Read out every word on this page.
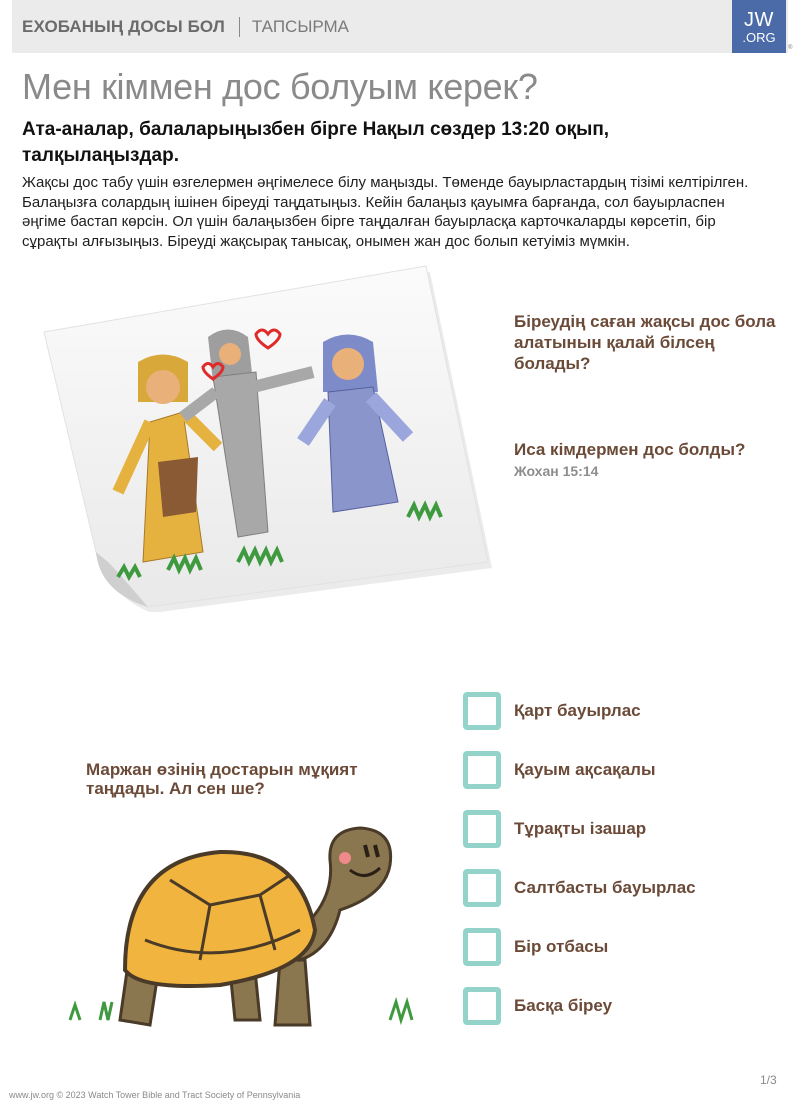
ЕХОБАНЫҢ ДОСЫ БОЛ ТАПСЫРМА	JW
.ORG
®
Мен кіммен дос болуым керек?
Ата-аналар, балаларыңызбен бірге Нақыл сөздер 13:20 оқып, талқылаңыздар.

Жақсы дос табу үшін өзгелермен әңгімелесе білу маңызды. Төменде бауырластардың тізімі келтірілген. Балаңызға солардың ішінен біреуді таңдатыңыз. Кейін балаңыз қауымға барғанда, сол бауырласпен әңгіме бастап көрсін. Ол үшін балаңызбен бірге таңдалған бауырласқа карточкаларды көрсетіп, бір сұрақты алғызыңыз. Біреуді жақсырақ танысақ, онымен жан дос болып кетуіміз мүмкін.

Біреудің саған жақсы дос бола алатынын қалай білсең болады?
Иса кімдермен дос болды?
Жохан 15:14
Маржан өзінің достарын мұқият таңдады. Ал сен ше?
Қарт бауырлас
Қауым ақсақалы
Тұрақты ізашар
Салтбасты бауырлас
Бір отбасы
Басқа біреу
www.jw.org © 2023 Watch Tower Bible and Tract Society of Pennsylvania
1/3
